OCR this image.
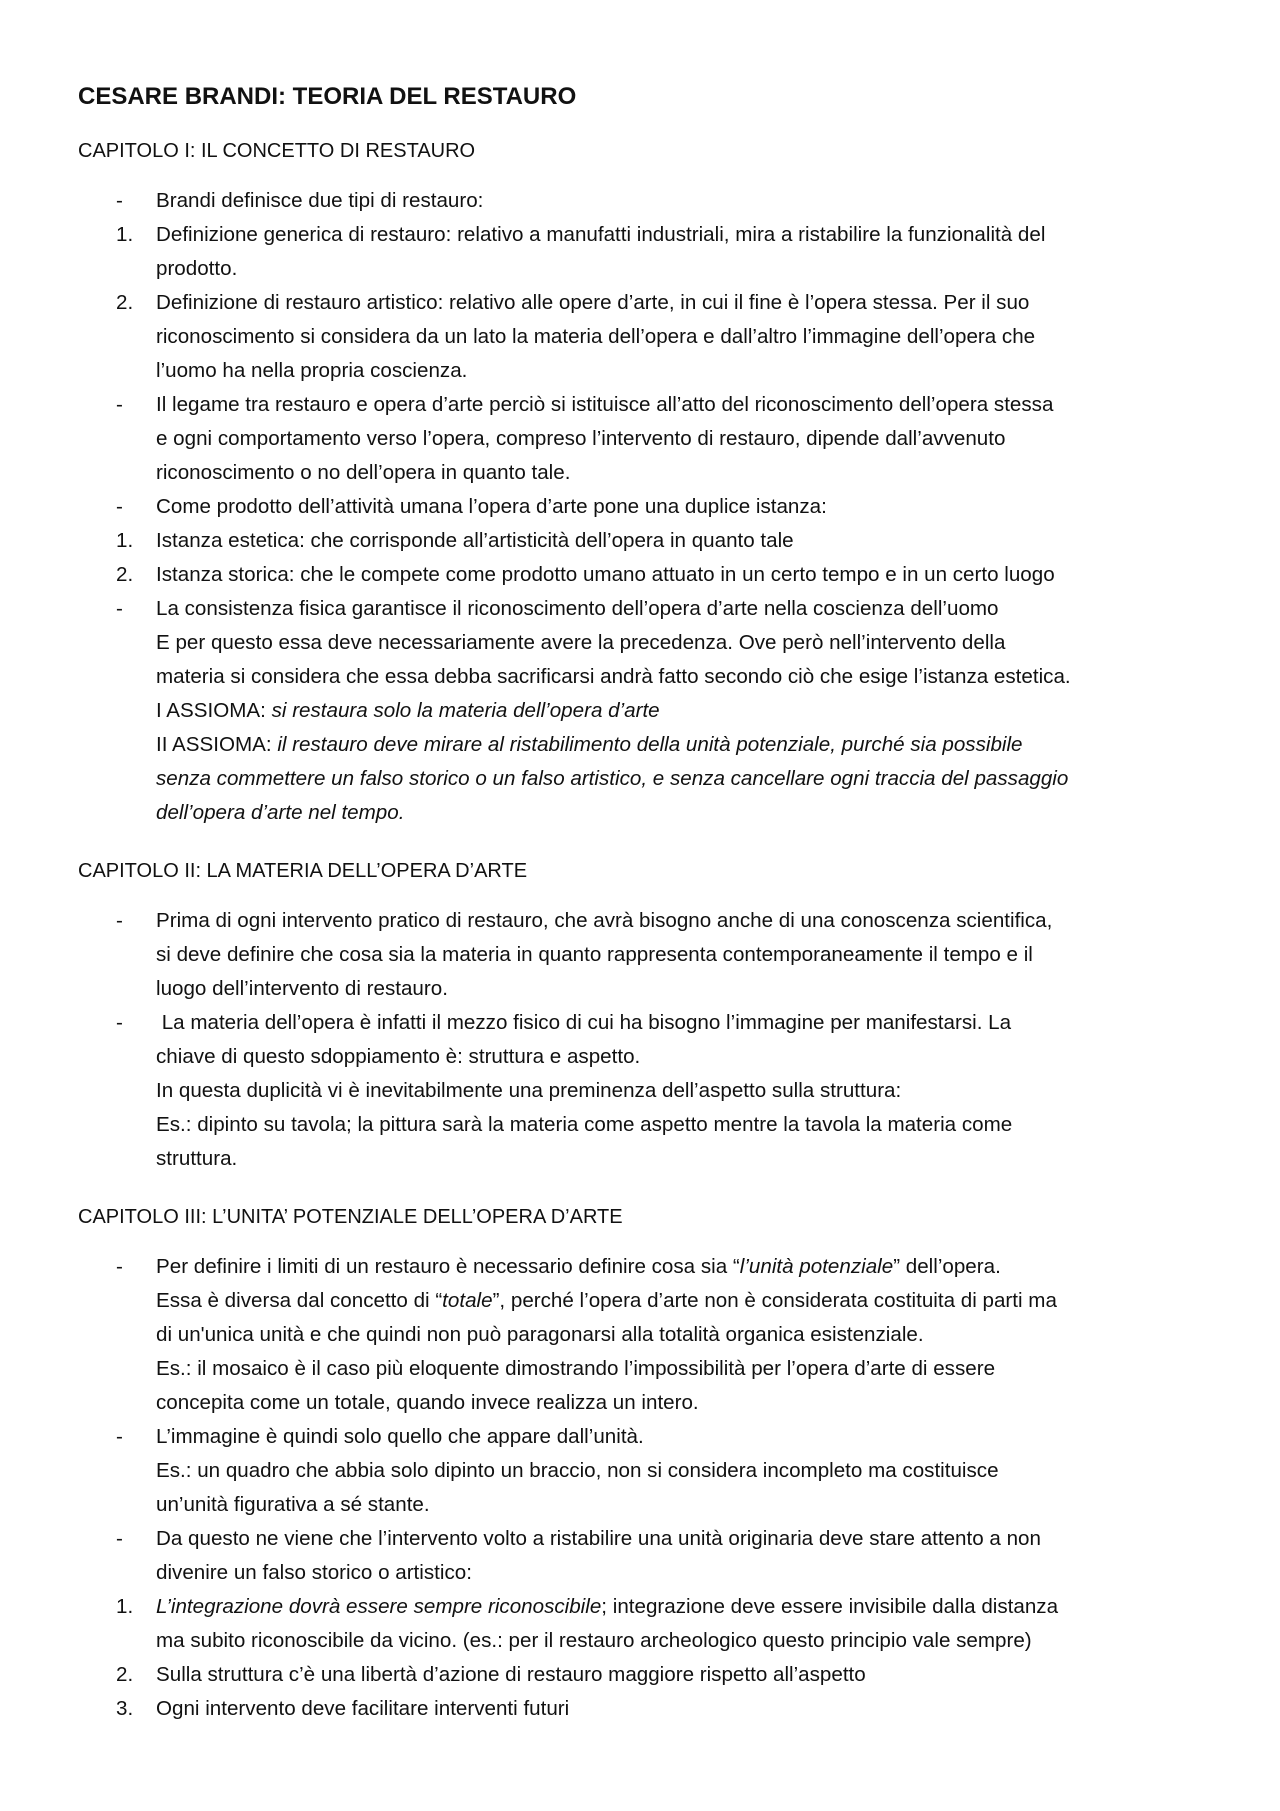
CESARE BRANDI: TEORIA DEL RESTAURO
CAPITOLO I: IL CONCETTO DI RESTAURO
-	Brandi definisce due tipi di restauro:
1.	Definizione generica di restauro: relativo a manufatti industriali, mira a ristabilire la funzionalità del
prodotto.
2.	Definizione di restauro artistico: relativo alle opere d’arte, in cui il fine è l’opera stessa. Per il suo
riconoscimento si considera da un lato la materia dell’opera e dall’altro l’immagine dell’opera che
l’uomo ha nella propria coscienza.
-	Il legame tra restauro e opera d’arte perciò si istituisce all’atto del riconoscimento dell’opera stessa
e ogni comportamento verso l’opera, compreso l’intervento di restauro, dipende dall’avvenuto
riconoscimento o no dell’opera in quanto tale.
-	Come prodotto dell’attività umana l’opera d’arte pone una duplice istanza:
1.	Istanza estetica: che corrisponde all’artisticità dell’opera in quanto tale
2.	Istanza storica: che le compete come prodotto umano attuato in un certo tempo e in un certo luogo
-	La consistenza fisica garantisce il riconoscimento dell’opera d’arte nella coscienza dell’uomo
E per questo essa deve necessariamente avere la precedenza. Ove però nell’intervento della
materia si considera che essa debba sacrificarsi andrà fatto secondo ciò che esige l’istanza estetica.
I ASSIOMA: si restaura solo la materia dell’opera d’arte
II ASSIOMA: il restauro deve mirare al ristabilimento della unità potenziale, purché sia possibile
senza commettere un falso storico o un falso artistico, e senza cancellare ogni traccia del passaggio
dell’opera d’arte nel tempo.
CAPITOLO II: LA MATERIA DELL’OPERA D’ARTE
-	Prima di ogni intervento pratico di restauro, che avrà bisogno anche di una conoscenza scientifica,
si deve definire che cosa sia la materia in quanto rappresenta contemporaneamente il tempo e il
luogo dell’intervento di restauro.
-	La materia dell’opera è infatti il mezzo fisico di cui ha bisogno l’immagine per manifestarsi. La
chiave di questo sdoppiamento è: struttura e aspetto.
In questa duplicità vi è inevitabilmente una preminenza dell’aspetto sulla struttura:
Es.: dipinto su tavola; la pittura sarà la materia come aspetto mentre la tavola la materia come
struttura.
CAPITOLO III: L’UNITA’ POTENZIALE DELL’OPERA D’ARTE
-	Per definire i limiti di un restauro è necessario definire cosa sia “l’unità potenziale” dell’opera.
Essa è diversa dal concetto di “totale”, perché l’opera d’arte non è considerata costituita di parti ma
di un'unica unità e che quindi non può paragonarsi alla totalità organica esistenziale.
Es.: il mosaico è il caso più eloquente dimostrando l’impossibilità per l’opera d’arte di essere
concepita come un totale, quando invece realizza un intero.
-	L’immagine è quindi solo quello che appare dall’unità.
Es.: un quadro che abbia solo dipinto un braccio, non si considera incompleto ma costituisce
un’unità figurativa a sé stante.
-	Da questo ne viene che l’intervento volto a ristabilire una unità originaria deve stare attento a non
divenire un falso storico o artistico:
1.	L’integrazione dovrà essere sempre riconoscibile; integrazione deve essere invisibile dalla distanza
ma subito riconoscibile da vicino. (es.: per il restauro archeologico questo principio vale sempre)
2.	Sulla struttura c’è una libertà d’azione di restauro maggiore rispetto all’aspetto
3.	Ogni intervento deve facilitare interventi futuri
